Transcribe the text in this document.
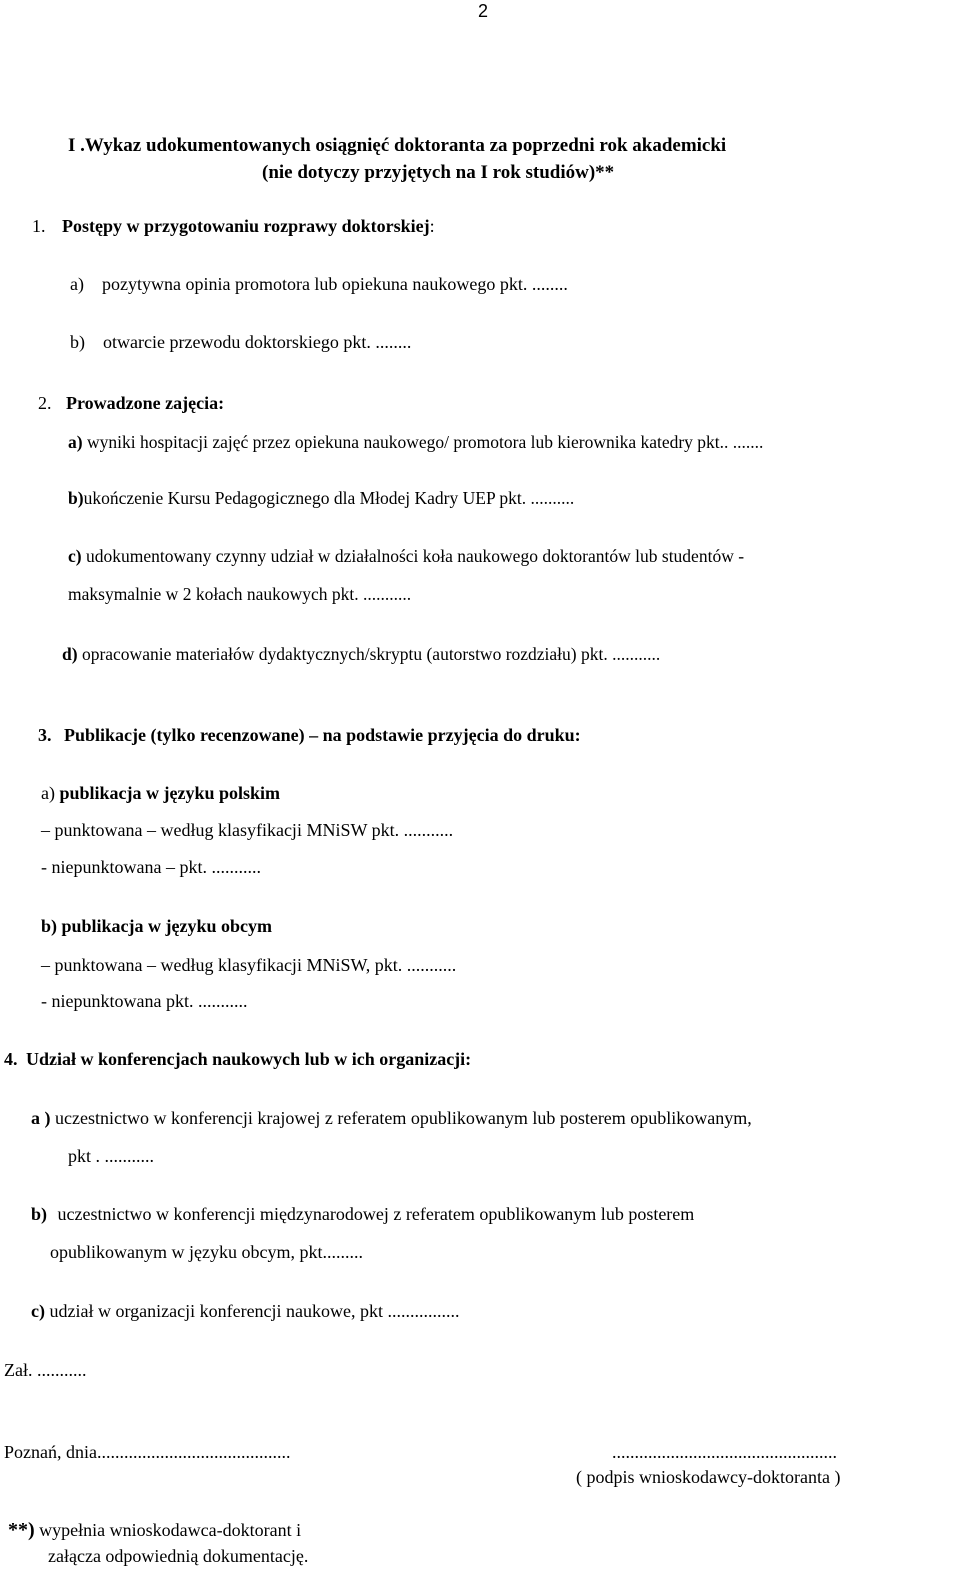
2
I .Wykaz udokumentowanych osiągnięć doktoranta za poprzedni rok akademicki
(nie dotyczy przyjętych na I rok studiów)**
1. Postępy w przygotowaniu rozprawy doktorskiej:
a) pozytywna opinia promotora lub opiekuna naukowego pkt. ........
b) otwarcie przewodu doktorskiego pkt. ........
2. Prowadzone zajęcia:
a) wyniki hospitacji zajęć przez opiekuna naukowego/ promotora lub kierownika katedry pkt.. .......
b)ukończenie Kursu Pedagogicznego dla Młodej Kadry UEP pkt. ..........
c) udokumentowany czynny udział w działalności koła naukowego doktorantów lub studentów -
maksymalnie w 2 kołach naukowych pkt. ...........
d) opracowanie materiałów dydaktycznych/skryptu (autorstwo rozdziału) pkt. ...........
3. Publikacje (tylko recenzowane) – na podstawie przyjęcia do druku:
a) publikacja w języku polskim
– punktowana – według klasyfikacji MNiSW pkt. ...........
- niepunktowana – pkt. ...........
b) publikacja w języku obcym
– punktowana – według klasyfikacji MNiSW, pkt. ...........
- niepunktowana pkt. ...........
4. Udział w konferencjach naukowych lub w ich organizacji:
a ) uczestnictwo w konferencji krajowej z referatem opublikowanym lub posterem opublikowanym,
pkt . ...........
b) uczestnictwo w konferencji międzynarodowej z referatem opublikowanym lub posterem
opublikowanym w języku obcym, pkt.........
c) udział w organizacji konferencji naukowe, pkt ................
Zał. ...........
Poznań, dnia...........................................	..................................................
( podpis wnioskodawcy-doktoranta )
**) wypełnia wnioskodawca-doktorant i
załącza odpowiednią dokumentację.
